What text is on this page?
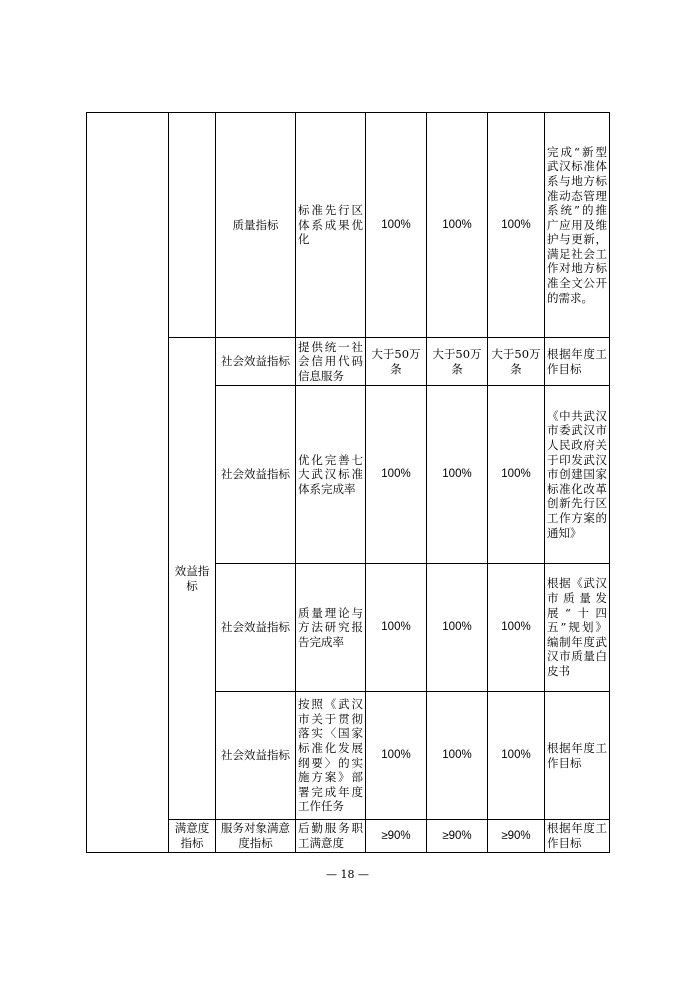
		质量指标	标准先行区体系成果优化	100%	100%	100%	完成“新型武汉标准体系与地方标准动态管理系统”的推广应用及维护与更新，满足社会工作对地方标准全文公开的需求。
	效益指标	社会效益指标	提供统一社会信用代码信息服务	大于50万条	大于50万条	大于50万条	根据年度工作目标
		社会效益指标	优化完善七大武汉标准体系完成率	100%	100%	100%	《中共武汉市委武汉市人民政府关于印发武汉市创建国家标准化改革创新先行区工作方案的通知》
		社会效益指标	质量理论与方法研究报告完成率	100%	100%	100%	根据《武汉市质量发展“十四五”规划》编制年度武汉市质量白皮书
		社会效益指标	按照《武汉市关于贯彻落实〈国家标准化发展纲要〉的实施方案》部署完成年度工作任务	100%	100%	100%	根据年度工作目标
	满意度指标	服务对象满意度指标	后勤服务职工满意度	≥90%	≥90%	≥90%	根据年度工作目标
— 18 —
